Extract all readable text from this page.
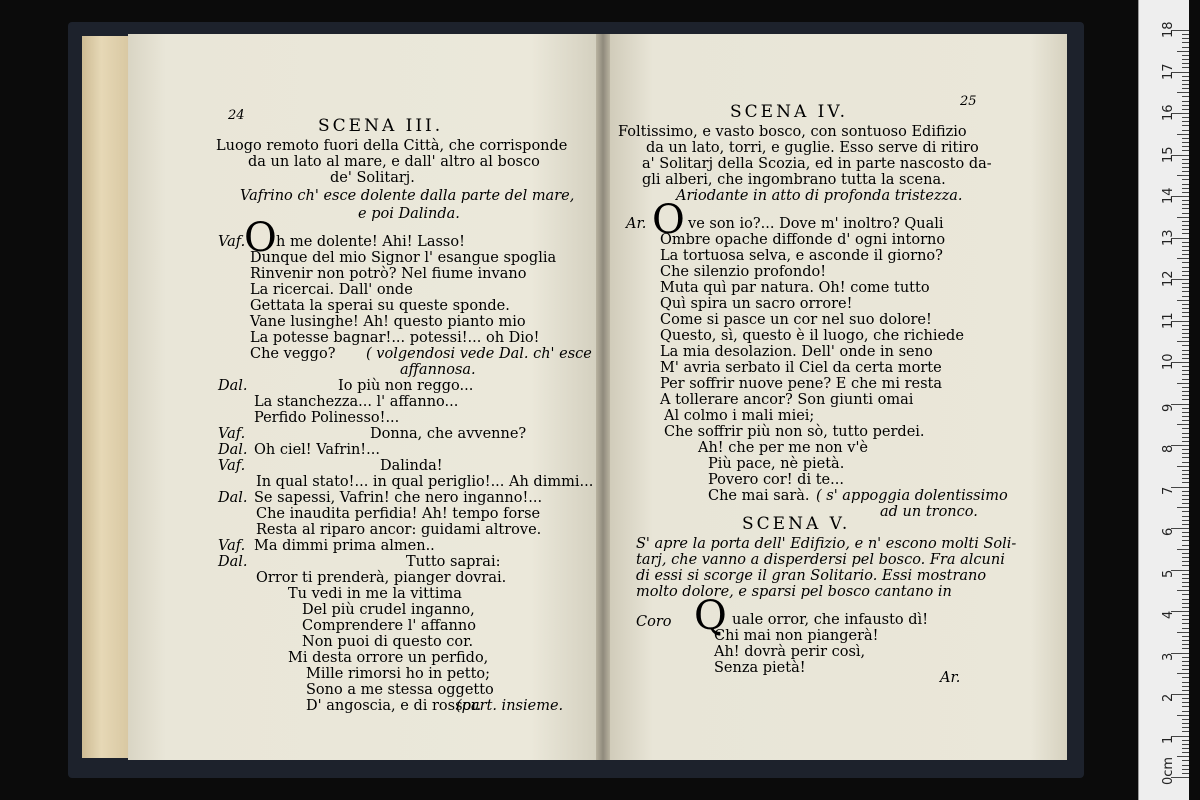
18
17
16
15
14
13
12
11
10
9
8
7
6
5
4
3
2
1
0cm
24
SCENA III.
Luogo remoto fuori della Città, che corrisponde
da un lato al mare, e dall' altro al bosco
de' Solitarj.
Vafrino ch' esce dolente dalla parte del mare,
e poi Dalinda.
O
Vaf. h me dolente! Ahi! Lasso!
Dunque del mio Signor l' esangue spoglia
Rinvenir non potrò? Nel fiume invano
La ricercai. Dall' onde
Gettata la sperai su queste sponde.
Vane lusinghe! Ah! questo pianto mio
La potesse bagnar!... potessi!... oh Dio!
Che veggo? ( volgendosi vede Dal. ch' esce
affannosa.
Dal.	Io più non reggo...
La stanchezza... l' affanno...
Perfido Polinesso!...
Vaf.	Donna, che avvenne?
Dal. Oh ciel! Vafrin!...
Vaf.	Dalinda!
In qual stato!... in qual periglio!... Ah dimmi...
Dal. Se sapessi, Vafrin! che nero inganno!...
Che inaudita perfidia! Ah! tempo forse
Resta al riparo ancor: guidami altrove.
Vaf. Ma dimmi prima almen..
Dal.	Tutto saprai:
Orror ti prenderà, pianger dovrai.
Tu vedi in me la vittima
Del più crudel inganno,
Comprendere l' affanno
Non puoi di questo cor.
Mi desta orrore un perfido,
Mille rimorsi ho in petto;
Sono a me stessa oggetto
D' angoscia, e di rossor.
(part. insieme.
25
SCENA IV.
Foltissimo, e vasto bosco, con sontuoso Edifizio
da un lato, torri, e guglie. Esso serve di ritiro
a' Solitarj della Scozia, ed in parte nascosto da-
gli alberi, che ingombrano tutta la scena.
Ariodante in atto di profonda tristezza.
O
Ar.	ve son io?... Dove m' inoltro? Quali
Ombre opache diffonde d' ogni intorno
La tortuosa selva, e asconde il giorno?
Che silenzio profondo!
Muta quì par natura. Oh! come tutto
Quì spira un sacro orrore!
Come si pasce un cor nel suo dolore!
Questo, sì, questo è il luogo, che richiede
La mia desolazion. Dell' onde in seno
M' avria serbato il Ciel da certa morte
Per soffrir nuove pene? E che mi resta
A tollerare ancor? Son giunti omai
Al colmo i mali miei;
Che soffrir più non sò, tutto perdei.
Ah! che per me non v'è
Più pace, nè pietà.
Povero cor! di te...
Che mai sarà. ( s' appoggia dolentissimo
ad un tronco.
SCENA V.
S' apre la porta dell' Edifizio, e n' escono molti Soli-
tarj, che vanno a disperdersi pel bosco. Fra alcuni
di essi si scorge il gran Solitario. Essi mostrano
molto dolore, e sparsi pel bosco cantano in
Coro Q uale orror, che infausto dì!
Chi mai non piangerà!
Ah! dovrà perir così,
Senza pietà!
Ar.
